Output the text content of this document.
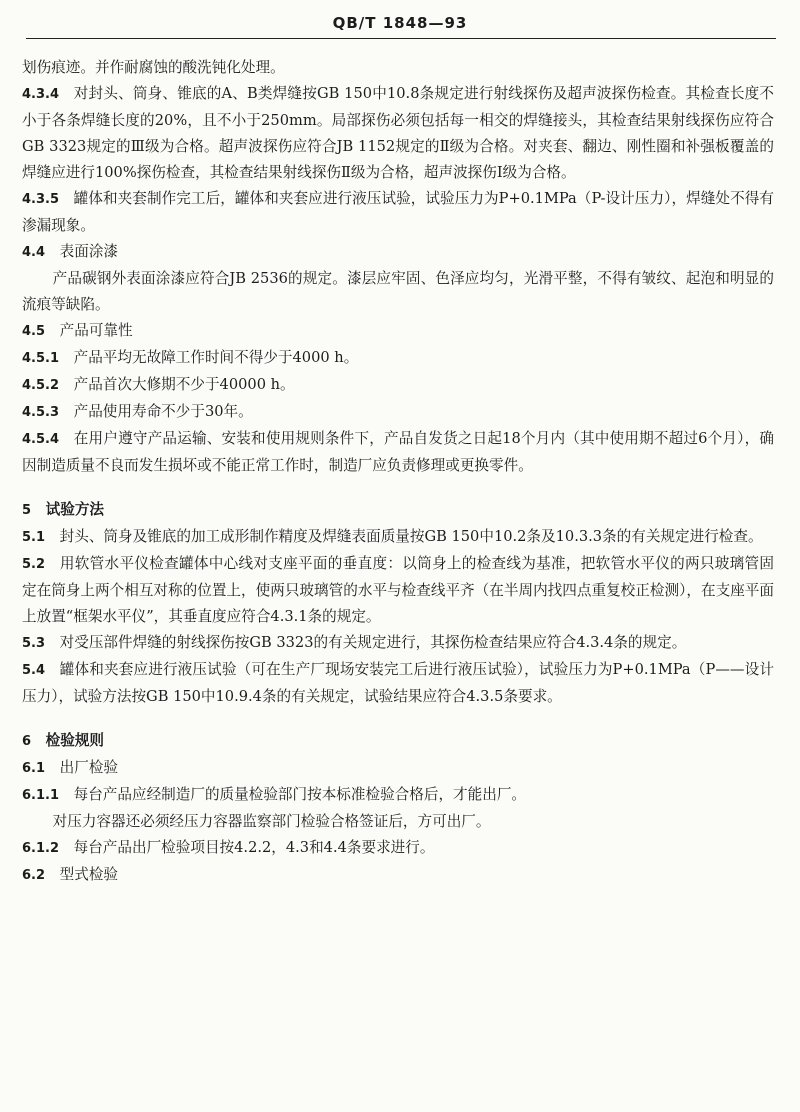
QB/T 1848—93

划伤痕迹。并作耐腐蚀的酸洗钝化处理。

4.3.4  对封头、筒身、锥底的A、B类焊缝按GB 150中10.8条规定进行射线探伤及超声波探伤检查。其检查长度不小于各条焊缝长度的20%，且不小于250mm。局部探伤必须包括每一相交的焊缝接头，其检查结果射线探伤应符合GB 3323规定的Ⅲ级为合格。超声波探伤应符合JB 1152规定的Ⅱ级为合格。对夹套、翻边、刚性圈和补强板覆盖的焊缝应进行100%探伤检查，其检查结果射线探伤Ⅱ级为合格，超声波探伤Ⅰ级为合格。

4.3.5  罐体和夹套制作完工后，罐体和夹套应进行液压试验，试验压力为P+0.1MPa（P-设计压力），焊缝处不得有渗漏现象。

4.4  表面涂漆

产品碳钢外表面涂漆应符合JB 2536的规定。漆层应牢固、色泽应均匀，光滑平整，不得有皱纹、起泡和明显的流痕等缺陷。

4.5  产品可靠性

4.5.1  产品平均无故障工作时间不得少于4000 h。

4.5.2  产品首次大修期不少于40000 h。

4.5.3  产品使用寿命不少于30年。

4.5.4  在用户遵守产品运输、安装和使用规则条件下，产品自发货之日起18个月内（其中使用期不超过6个月），确因制造质量不良而发生损坏或不能正常工作时，制造厂应负责修理或更换零件。

5  试验方法

5.1  封头、筒身及锥底的加工成形制作精度及焊缝表面质量按GB 150中10.2条及10.3.3条的有关规定进行检查。

5.2  用软管水平仪检查罐体中心线对支座平面的垂直度：以筒身上的检查线为基准，把软管水平仪的两只玻璃管固定在筒身上两个相互对称的位置上，使两只玻璃管的水平与检查线平齐（在半周内找四点重复校正检测），在支座平面上放置“框架水平仪”，其垂直度应符合4.3.1条的规定。

5.3  对受压部件焊缝的射线探伤按GB 3323的有关规定进行，其探伤检查结果应符合4.3.4条的规定。

5.4  罐体和夹套应进行液压试验（可在生产厂现场安装完工后进行液压试验），试验压力为P+0.1MPa（P——设计压力），试验方法按GB 150中10.9.4条的有关规定，试验结果应符合4.3.5条要求。

6  检验规则

6.1  出厂检验

6.1.1  每台产品应经制造厂的质量检验部门按本标准检验合格后，才能出厂。

对压力容器还必须经压力容器监察部门检验合格签证后，方可出厂。

6.1.2  每台产品出厂检验项目按4.2.2，4.3和4.4条要求进行。

6.2  型式检验
